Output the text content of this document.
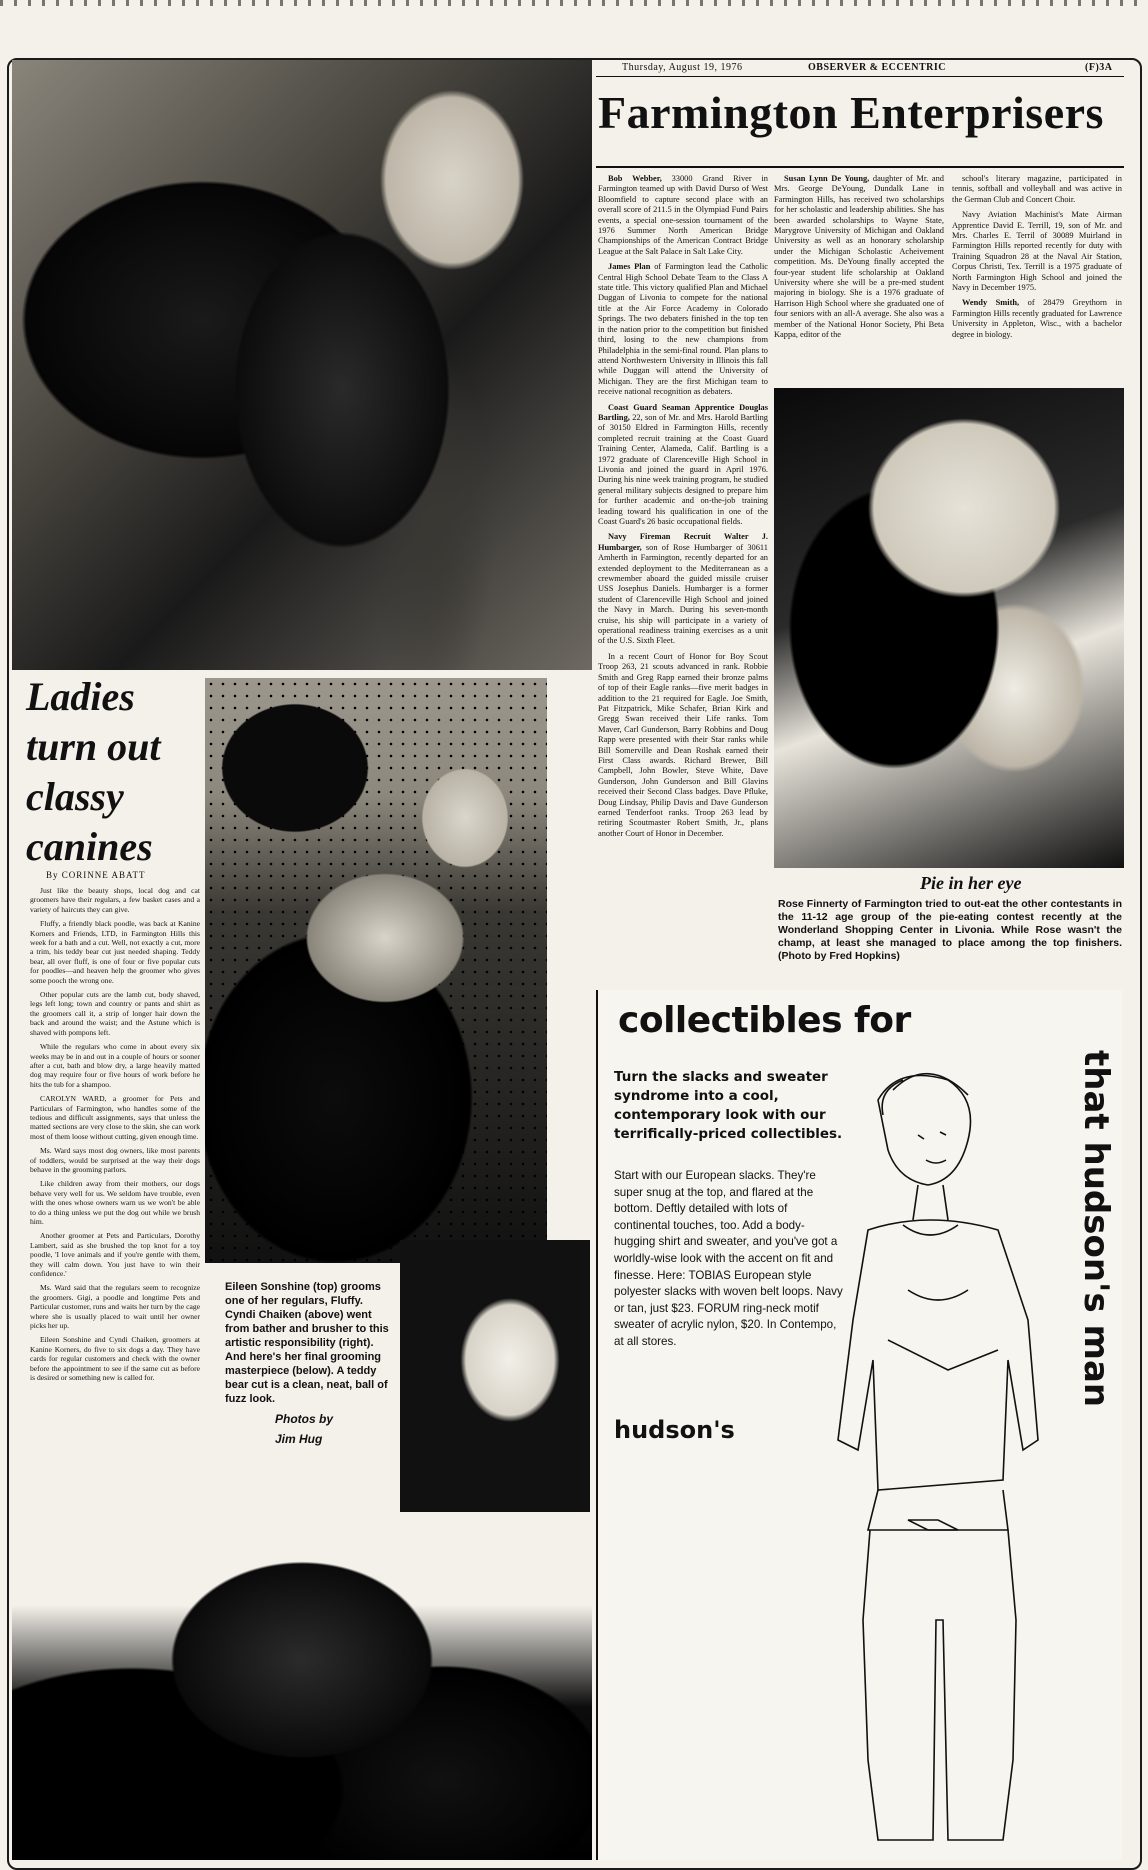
Thursday, August 19, 1976	OBSERVER & ECCENTRIC	(F)3A
Farmington Enterprisers
Ladies
turn out
classy
canines
By CORINNE ABATT

Just like the beauty shops, local dog and cat groomers have their regulars, a few basket cases and a variety of haircuts they can give.

Fluffy, a friendly black poodle, was back at Kanine Korners and Friends, LTD, in Farmington Hills this week for a bath and a cut. Well, not exactly a cut, more a trim, his teddy bear cut just needed shaping. Teddy bear, all over fluff, is one of four or five popular cuts for poodles—and heaven help the groomer who gives some pooch the wrong one.

Other popular cuts are the lamb cut, body shaved, legs left long; town and country or pants and shirt as the groomers call it, a strip of longer hair down the back and around the waist; and the Astune which is shaved with pompons left.

While the regulars who come in about every six weeks may be in and out in a couple of hours or sooner after a cut, bath and blow dry, a large heavily matted dog may require four or five hours of work before he hits the tub for a shampoo.

CAROLYN WARD, a groomer for Pets and Particulars of Farmington, who handles some of the tedious and difficult assignments, says that unless the matted sections are very close to the skin, she can work most of them loose without cutting, given enough time.

Ms. Ward says most dog owners, like most parents of toddlers, would be surprised at the way their dogs behave in the grooming parlors.

Like children away from their mothers, our dogs behave very well for us. We seldom have trouble, even with the ones whose owners warn us we won't be able to do a thing unless we put the dog out while we brush him.

Another groomer at Pets and Particulars, Dorothy Lambert, said as she brushed the top knot for a toy poodle, 'I love animals and if you're gentle with them, they will calm down. You just have to win their confidence.'

Ms. Ward said that the regulars seem to recognize the groomers. Gigi, a poodle and longtime Pets and Particular customer, runs and waits her turn by the cage where she is usually placed to wait until her owner picks her up.

Eileen Sonshine and Cyndi Chaiken, groomers at Kanine Korners, do five to six dogs a day. They have cards for regular customers and check with the owner before the appointment to see if the same cut as before is desired or something new is called for.

Eileen Sonshine (top) grooms one of her regulars, Fluffy. Cyndi Chaiken (above) went from bather and brusher to this artistic responsibility (right). And here's her final grooming masterpiece (below). A teddy bear cut is a clean, neat, ball of fuzz look.
Photos by
Jim Hug

Bob Webber, 33000 Grand River in Farmington teamed up with David Durso of West Bloomfield to capture second place with an overall score of 211.5 in the Olympiad Fund Pairs events, a special one-session tournament of the 1976 Summer North American Bridge Championships of the American Contract Bridge League at the Salt Palace in Salt Lake City.

James Plan of Farmington lead the Catholic Central High School Debate Team to the Class A state title. This victory qualified Plan and Michael Duggan of Livonia to compete for the national title at the Air Force Academy in Colorado Springs. The two debaters finished in the top ten in the nation prior to the competition but finished third, losing to the new champions from Philadelphia in the semi-final round. Plan plans to attend Northwestern University in Illinois this fall while Duggan will attend the University of Michigan. They are the first Michigan team to receive national recognition as debaters.

Coast Guard Seaman Apprentice Douglas Bartling, 22, son of Mr. and Mrs. Harold Bartling of 30150 Eldred in Farmington Hills, recently completed recruit training at the Coast Guard Training Center, Alameda, Calif. Bartling is a 1972 graduate of Clarenceville High School in Livonia and joined the guard in April 1976. During his nine week training program, he studied general military subjects designed to prepare him for further academic and on-the-job training leading toward his qualification in one of the Coast Guard's 26 basic occupational fields.

Navy Fireman Recruit Walter J. Humbarger, son of Rose Humbarger of 30611 Amherth in Farmington, recently departed for an extended deployment to the Mediterranean as a crewmember aboard the guided missile cruiser USS Josephus Daniels. Humbarger is a former student of Clarenceville High School and joined the Navy in March. During his seven-month cruise, his ship will participate in a variety of operational readiness training exercises as a unit of the U.S. Sixth Fleet.

In a recent Court of Honor for Boy Scout Troop 263, 21 scouts advanced in rank. Robbie Smith and Greg Rapp earned their bronze palms of top of their Eagle ranks—five merit badges in addition to the 21 required for Eagle. Joe Smith, Pat Fitzpatrick, Mike Schafer, Brian Kirk and Gregg Swan received their Life ranks. Tom Maver, Carl Gunderson, Barry Robbins and Doug Rapp were presented with their Star ranks while Bill Somerville and Dean Roshak earned their First Class awards. Richard Brewer, Bill Campbell, John Bowler, Steve White, Dave Gunderson, John Gunderson and Bill Glavins received their Second Class badges. Dave Pfluke, Doug Lindsay, Philip Davis and Dave Gunderson earned Tenderfoot ranks. Troop 263 lead by retiring Scoutmaster Robert Smith, Jr., plans another Court of Honor in December.

Susan Lynn De Young, daughter of Mr. and Mrs. George DeYoung, Dundalk Lane in Farmington Hills, has received two scholarships for her scholastic and leadership abilities. She has been awarded scholarships to Wayne State, Marygrove University of Michigan and Oakland University as well as an honorary scholarship under the Michigan Scholastic Acheivement competition. Ms. DeYoung finally accepted the four-year student life scholarship at Oakland University where she will be a pre-med student majoring in biology. She is a 1976 graduate of Harrison High School where she graduated one of four seniors with an all-A average. She also was a member of the National Honor Society, Phi Beta Kappa, editor of the

school's literary magazine, participated in tennis, softball and volleyball and was active in the German Club and Concert Choir.

Navy Aviation Machinist's Mate Airman Apprentice David E. Terrill, 19, son of Mr. and Mrs. Charles E. Terril of 30089 Muirland in Farmington Hills reported recently for duty with Training Squadron 28 at the Naval Air Station, Corpus Christi, Tex. Terrill is a 1975 graduate of North Farmington High School and joined the Navy in December 1975.

Wendy Smith, of 28479 Greythorn in Farmington Hills recently graduated for Lawrence University in Appleton, Wisc., with a bachelor degree in biology.

Pie in her eye
Rose Finnerty of Farmington tried to out-eat the other contestants in the 11-12 age group of the pie-eating contest recently at the Wonderland Shopping Center in Livonia. While Rose wasn't the champ, at least she managed to place among the top finishers. (Photo by Fred Hopkins)
collectibles for
that hudson's man
Turn the slacks and sweater syndrome into a cool, contemporary look with our terrifically-priced collectibles.
Start with our European slacks. They're super snug at the top, and flared at the bottom. Deftly detailed with lots of continental touches, too. Add a body-hugging shirt and sweater, and you've got a worldly-wise look with the accent on fit and finesse. Here: TOBIAS European style polyester slacks with woven belt loops. Navy or tan, just $23. FORUM ring-neck motif sweater of acrylic nylon, $20. In Contempo, at all stores.
hudson's
